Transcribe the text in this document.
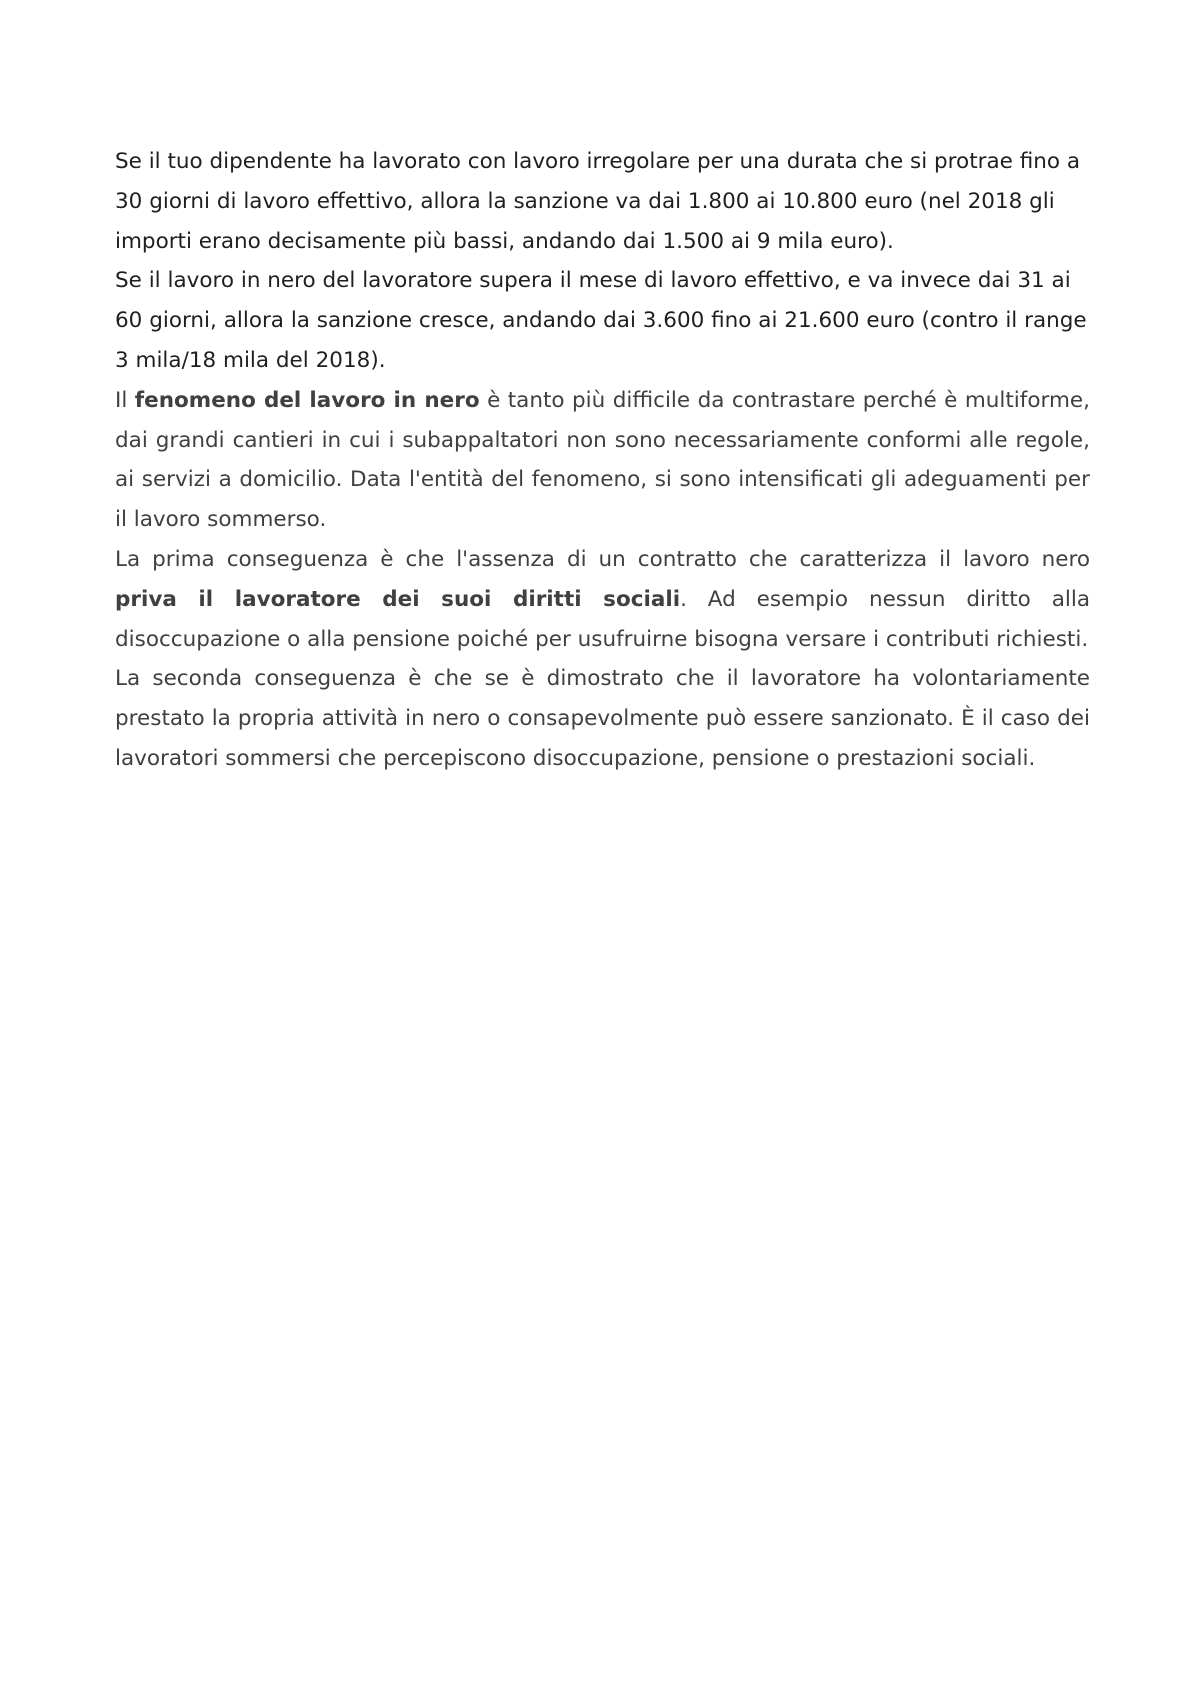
Se il tuo dipendente ha lavorato con lavoro irregolare per una durata che si protrae fino a 30 giorni di lavoro effettivo, allora la sanzione va dai 1.800 ai 10.800 euro (nel 2018 gli importi erano decisamente più bassi, andando dai 1.500 ai 9 mila euro).

Se il lavoro in nero del lavoratore supera il mese di lavoro effettivo, e va invece dai 31 ai 60 giorni, allora la sanzione cresce, andando dai 3.600 fino ai 21.600 euro (contro il range 3 mila/18 mila del 2018).

Il fenomeno del lavoro in nero è tanto più difficile da contrastare perché è multiforme, dai grandi cantieri in cui i subappaltatori non sono necessariamente conformi alle regole, ai servizi a domicilio. Data l'entità del fenomeno, si sono intensificati gli adeguamenti per il lavoro sommerso.

La prima conseguenza è che l'assenza di un contratto che caratterizza il lavoro nero priva il lavoratore dei suoi diritti sociali. Ad esempio nessun diritto alla disoccupazione o alla pensione poiché per usufruirne bisogna versare i contributi richiesti.

La seconda conseguenza è che se è dimostrato che il lavoratore ha volontariamente prestato la propria attività in nero o consapevolmente può essere sanzionato. È il caso dei lavoratori sommersi che percepiscono disoccupazione, pensione o prestazioni sociali.
